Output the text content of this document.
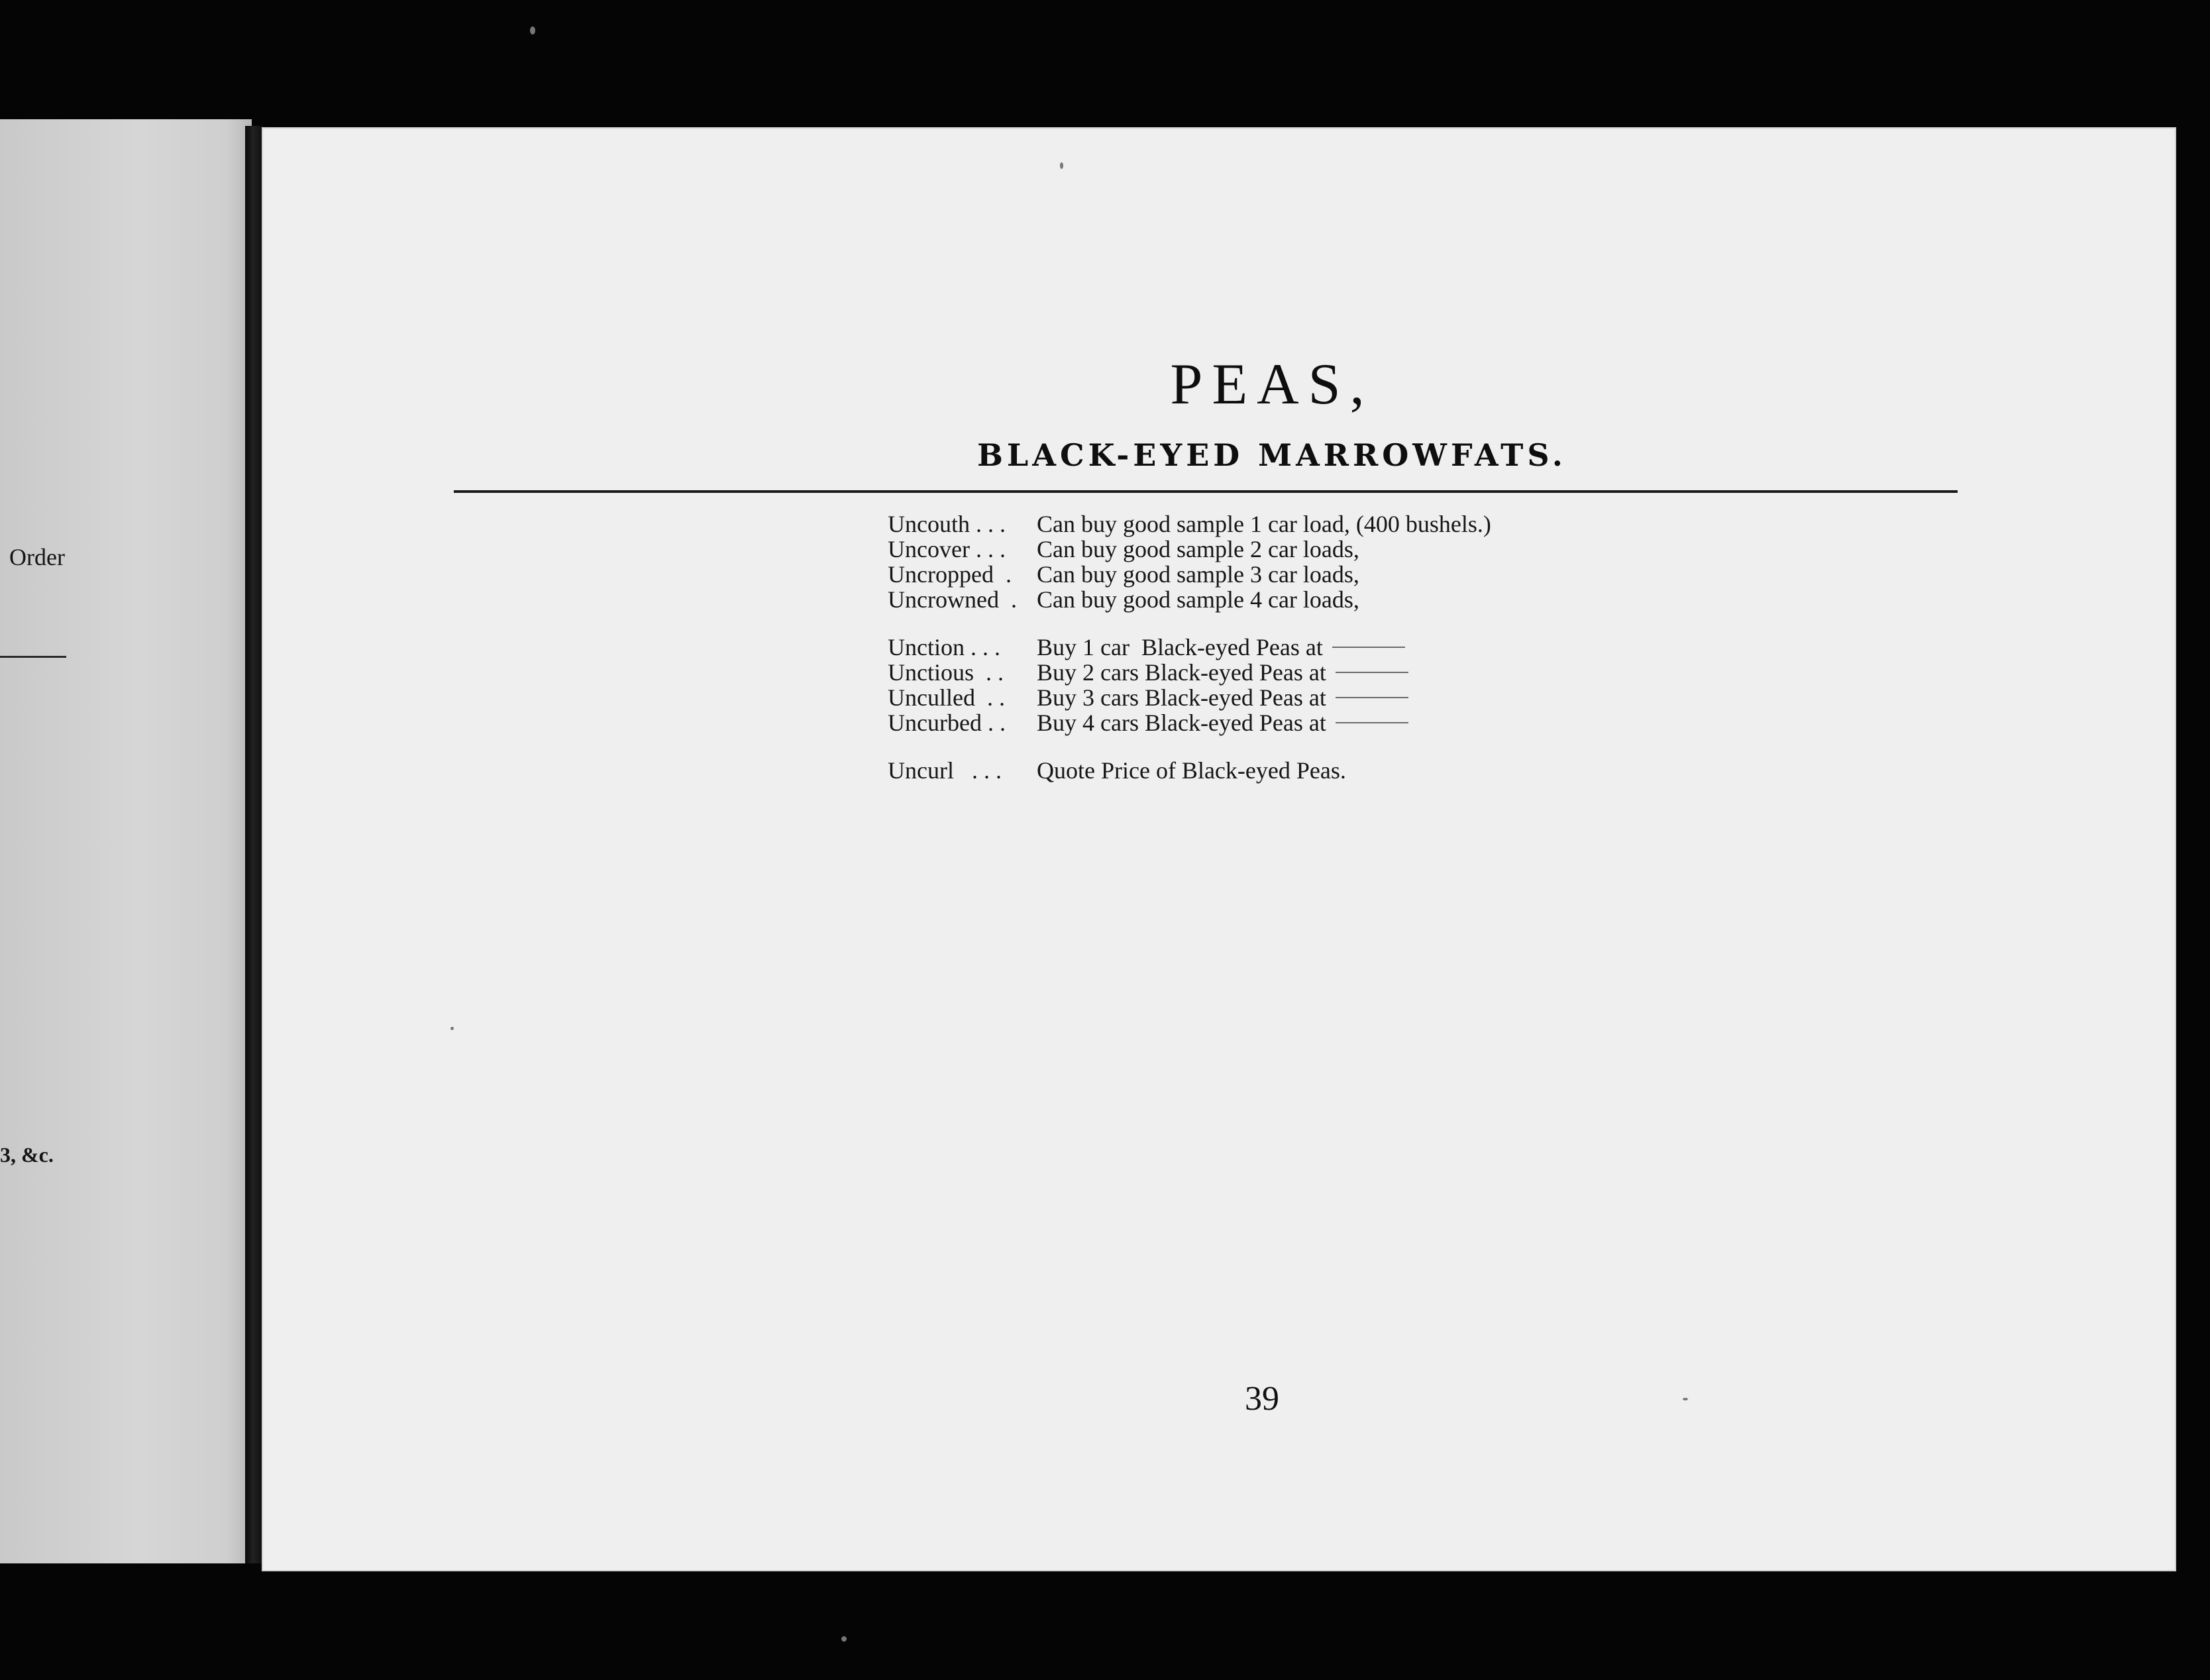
Order
3, &c.
PEAS,
BLACK-EYED MARROWFATS.
Uncouth . . .	Can buy good sample 1 car load, (400 bushels.)
Uncover . . .	Can buy good sample 2 car loads,
Uncropped  .	Can buy good sample 3 car loads,
Uncrowned  . Can buy good sample 4 car loads,
Unction . . .	Buy 1 car  Black-eyed Peas at
Unctious  . .	Buy 2 cars Black-eyed Peas at
Unculled  . .	Buy 3 cars Black-eyed Peas at
Uncurbed . .	Buy 4 cars Black-eyed Peas at
Uncurl   . . .	Quote Price of Black-eyed Peas.
39
